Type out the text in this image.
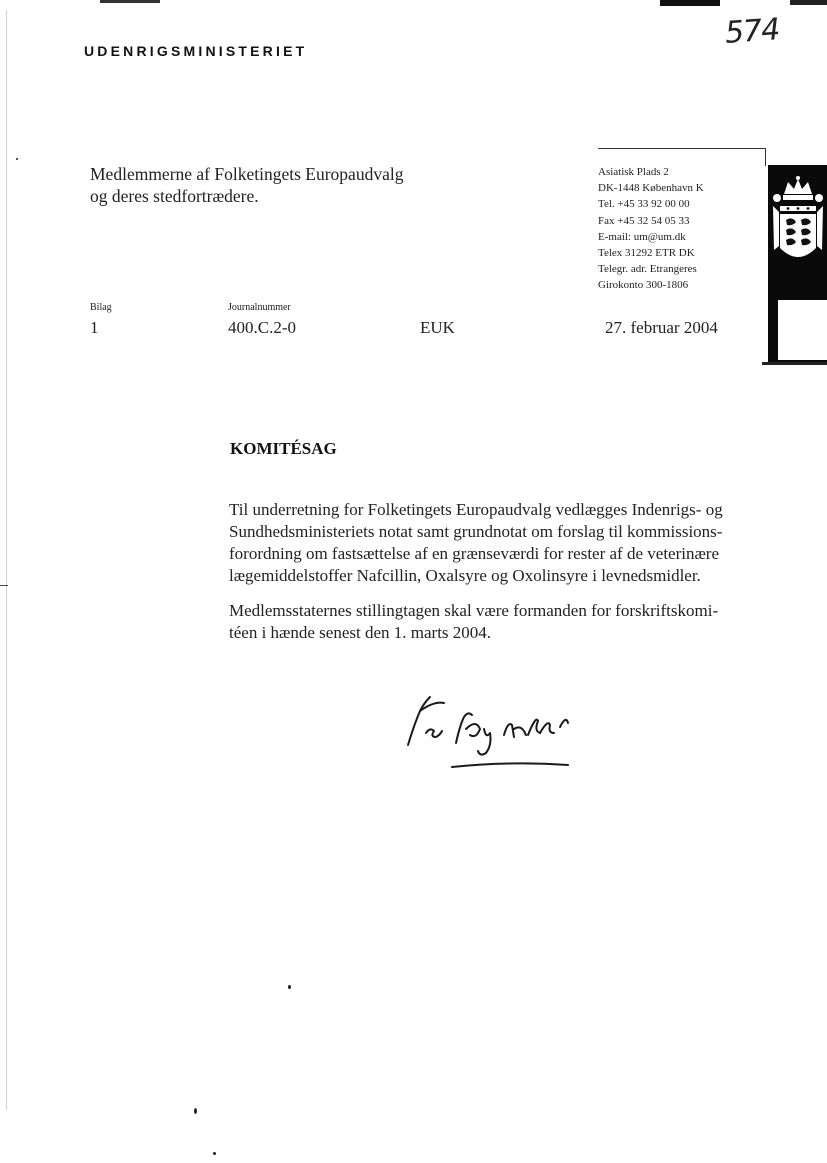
UDENRIGSMINISTERIET
574
Medlemmerne af Folketingets Europaudvalg
og deres stedfortrædere.
Asiatisk Plads 2
DK-1448 København K
Tel. +45 33 92 00 00
Fax +45 32 54 05 33
E-mail: um@um.dk
Telex 31292 ETR DK
Telegr. adr. Etrangeres
Girokonto 300-1806
Bilag	Journalnummer
1	400.C.2-0	EUK	27. februar 2004
KOMITÉSAG
Til underretning for Folketingets Europaudvalg vedlægges Indenrigs- og
Sundhedsministeriets notat samt grundnotat om forslag til kommissions-
forordning om fastsættelse af en grænseværdi for rester af de veterinære
lægemiddelstoffer Nafcillin, Oxalsyre og Oxolinsyre i levnedsmidler.
Medlemsstaternes stillingtagen skal være formanden for forskriftskomi-
téen i hænde senest den 1. marts 2004.
